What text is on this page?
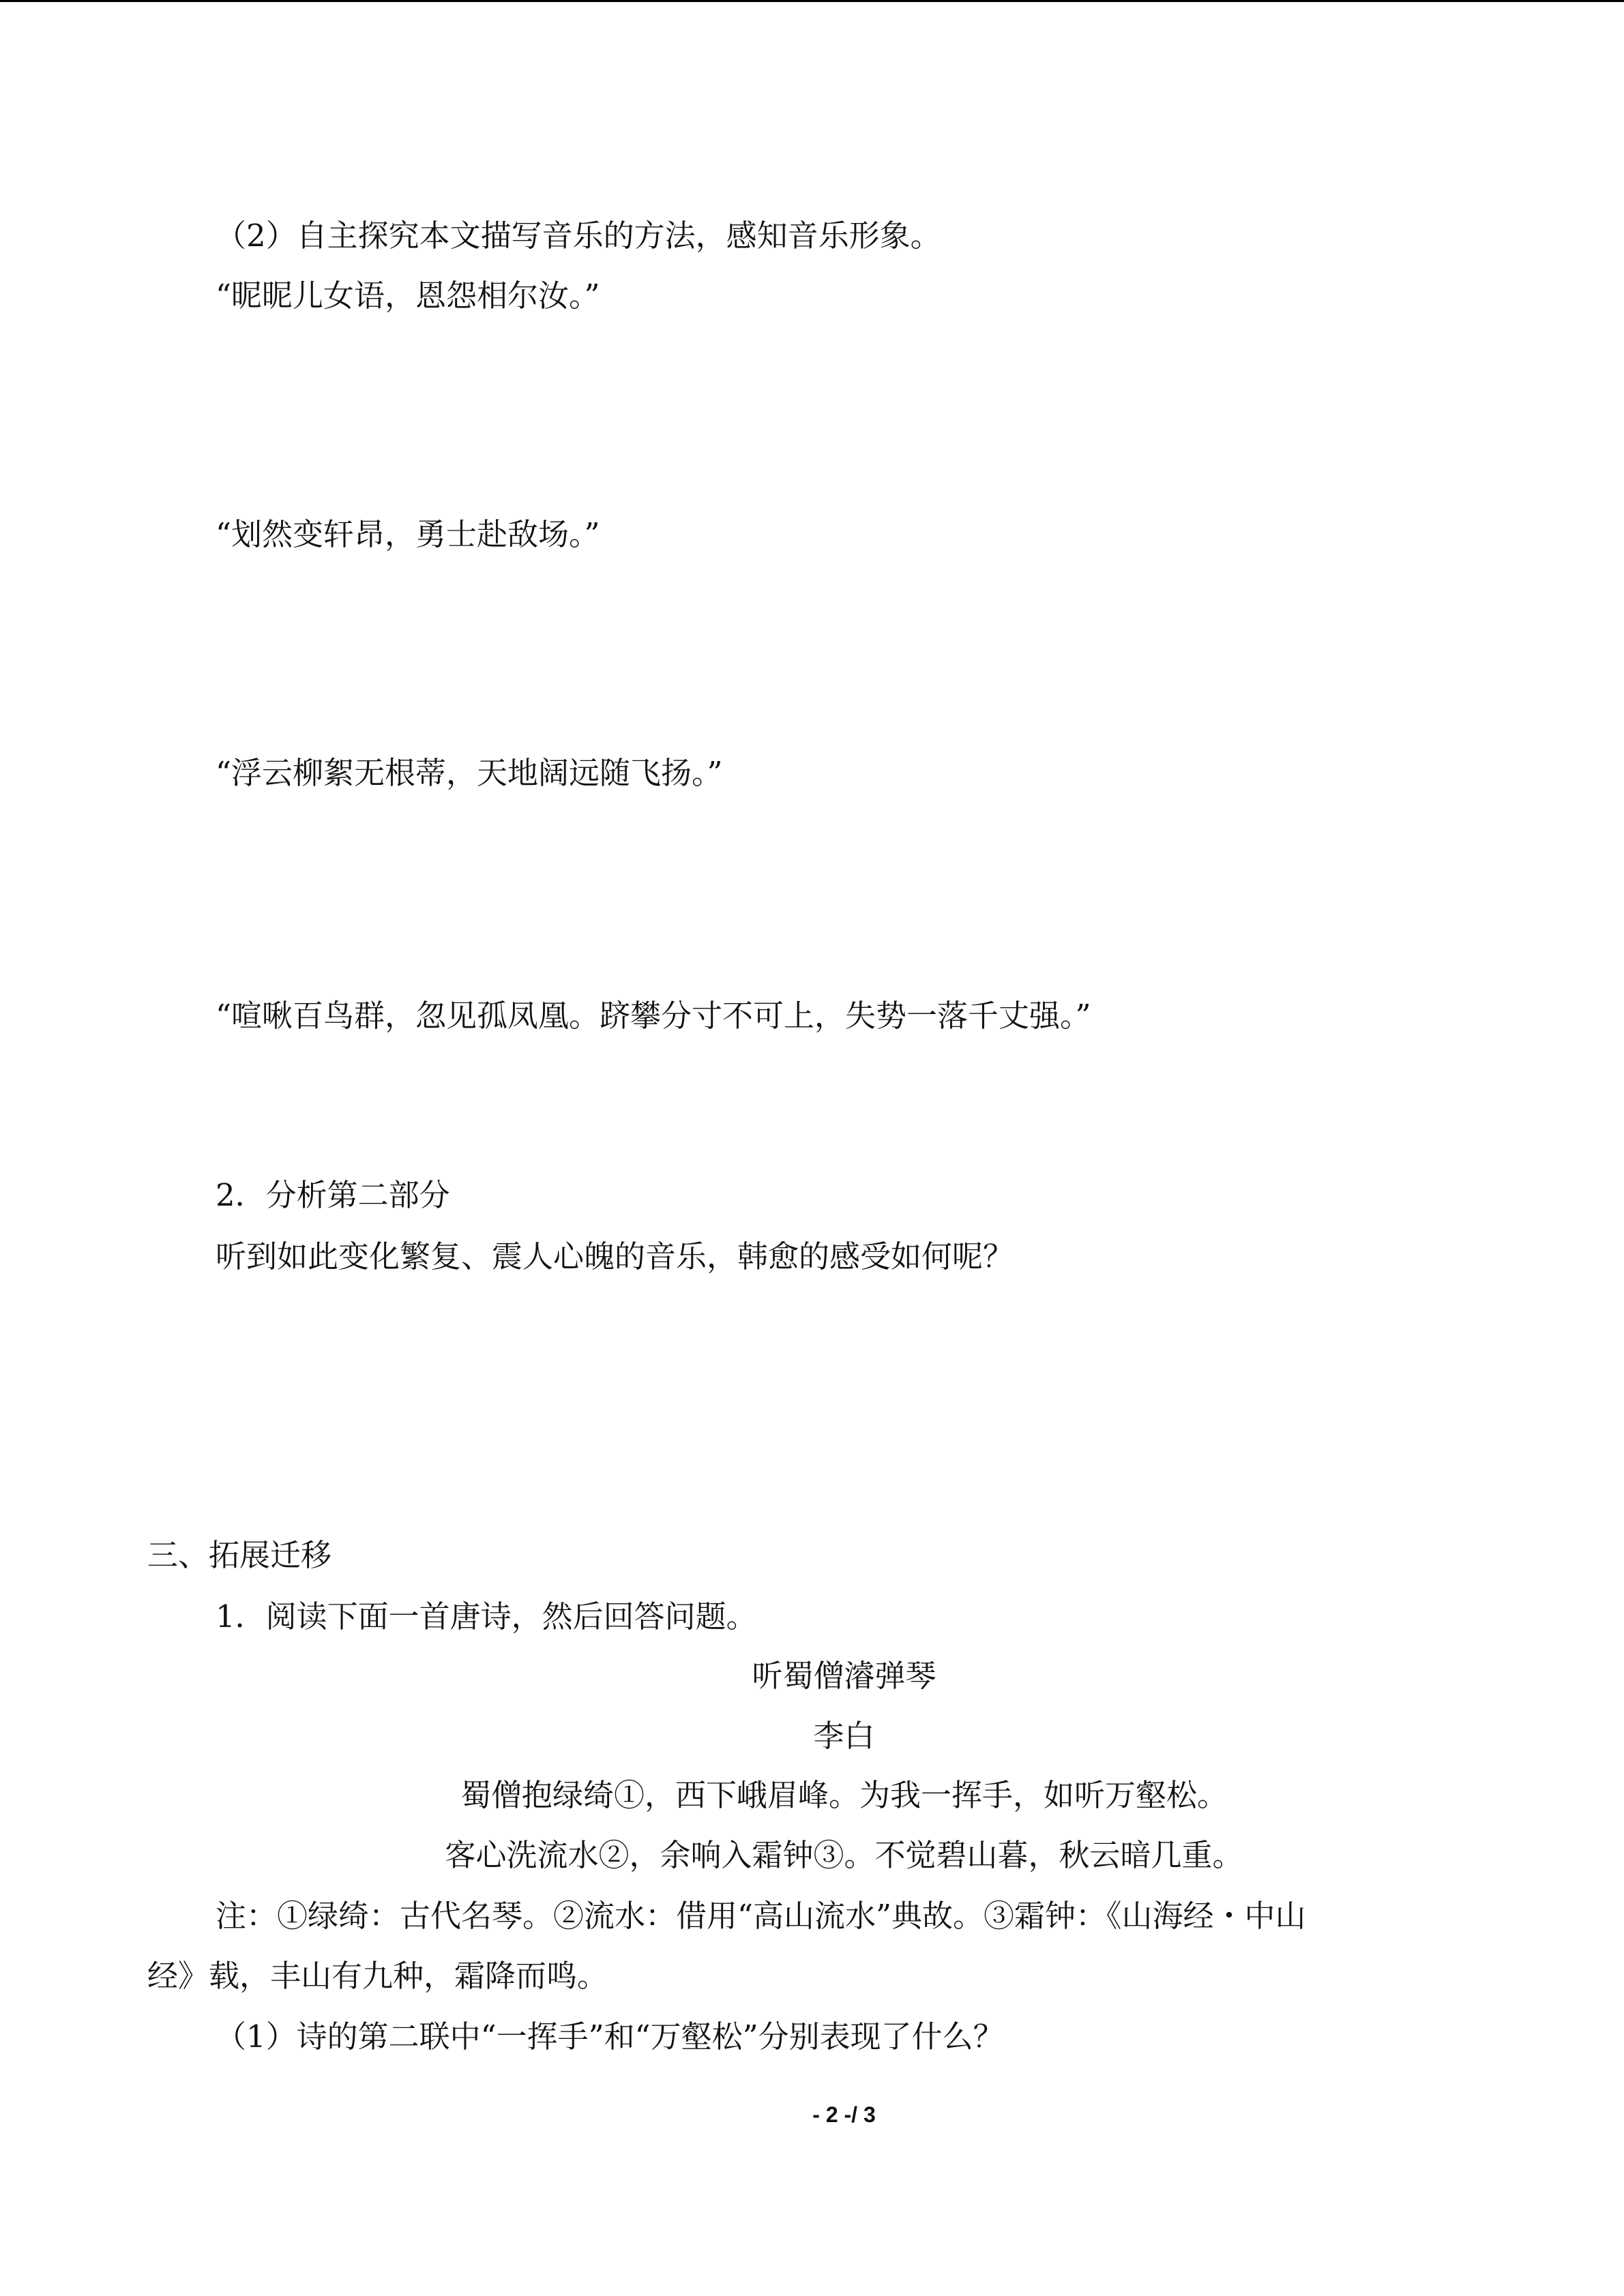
（2）自主探究本文描写音乐的方法，感知音乐形象。
“昵昵儿女语，恩怨相尔汝。”
“划然变轩昂，勇士赴敌场。”
“浮云柳絮无根蒂，天地阔远随飞扬。”
“喧啾百鸟群，忽见孤凤凰。跻攀分寸不可上，失势一落千丈强。”
2．分析第二部分
听到如此变化繁复、震人心魄的音乐，韩愈的感受如何呢？
三、拓展迁移
1．阅读下面一首唐诗，然后回答问题。
听蜀僧濬弹琴
李白
蜀僧抱绿绮①，西下峨眉峰。为我一挥手，如听万壑松。
客心洗流水②，余响入霜钟③。不觉碧山暮，秋云暗几重。
注：①绿绮：古代名琴。②流水：借用“高山流水”典故。③霜钟：《山海经・中山
经》载，丰山有九种，霜降而鸣。
（1）诗的第二联中“一挥手”和“万壑松”分别表现了什么？
- 2 -/ 3
